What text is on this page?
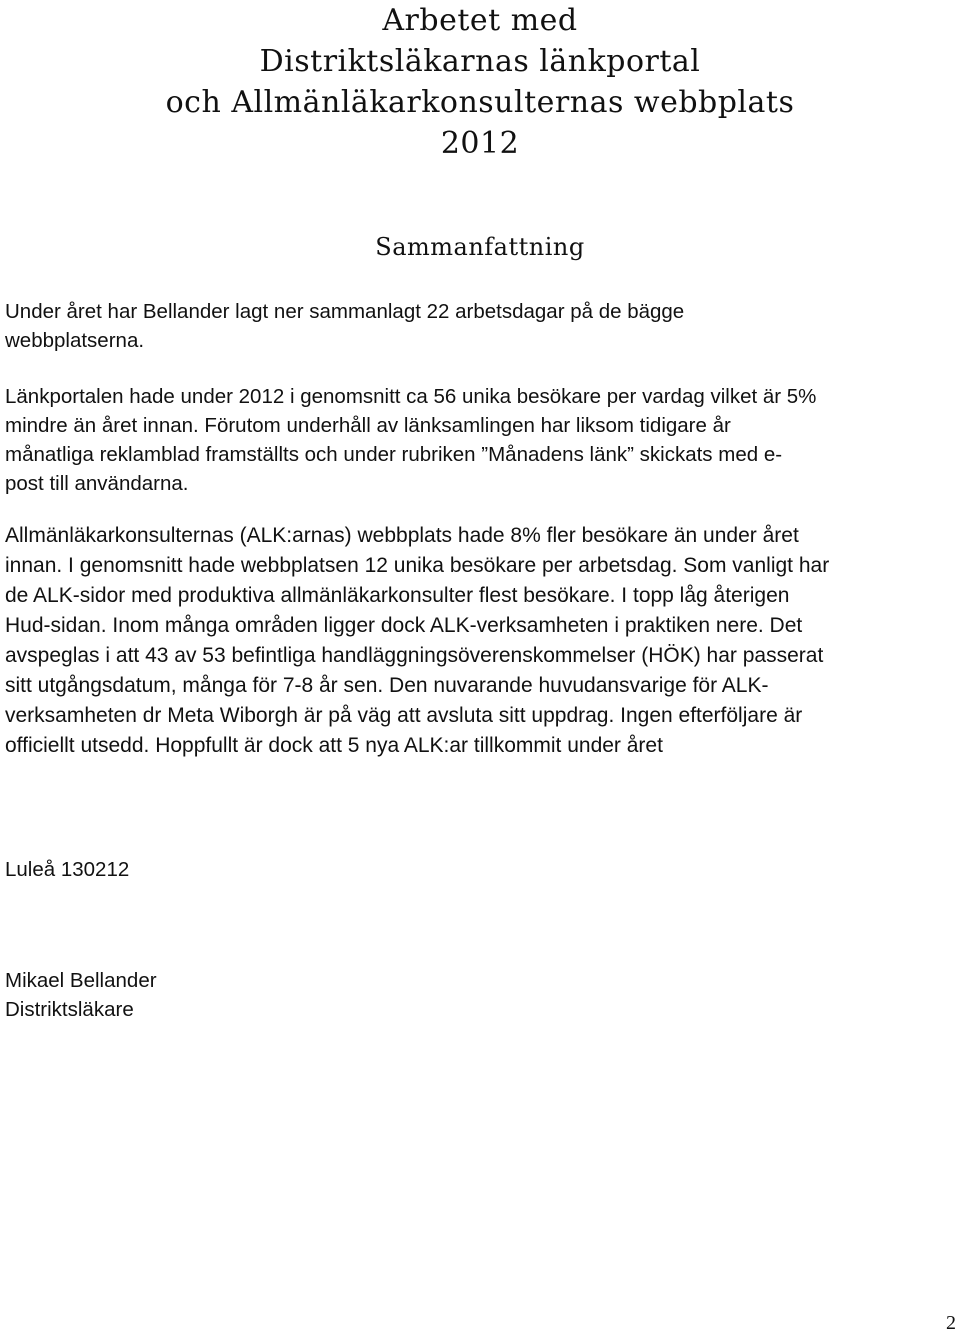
Arbetet med
Distriktsläkarnas länkportal
och Allmänläkarkonsulternas webbplats
2012
Sammanfattning
Under året har Bellander lagt ner sammanlagt 22 arbetsdagar på de bägge
webbplatserna.
Länkportalen hade under 2012 i genomsnitt ca 56 unika besökare per vardag vilket är 5%
mindre än året innan. Förutom underhåll av länksamlingen har liksom tidigare år
månatliga reklamblad framställts och under rubriken ”Månadens länk” skickats med e-
post till användarna.
Allmänläkarkonsulternas (ALK:arnas) webbplats hade 8% fler besökare än under året
innan. I genomsnitt hade webbplatsen 12 unika besökare per arbetsdag. Som vanligt har
de ALK-sidor med produktiva allmänläkarkonsulter flest besökare. I topp låg återigen
Hud-sidan. Inom många områden ligger dock ALK-verksamheten i praktiken nere. Det
avspeglas i att 43 av 53 befintliga handläggningsöverenskommelser (HÖK) har passerat
sitt utgångsdatum, många för 7-8 år sen. Den nuvarande huvudansvarige för ALK-
verksamheten dr Meta Wiborgh är på väg att avsluta sitt uppdrag. Ingen efterföljare är
officiellt utsedd. Hoppfullt är dock att 5 nya ALK:ar tillkommit under året
Luleå 130212
Mikael Bellander
Distriktsläkare
2
